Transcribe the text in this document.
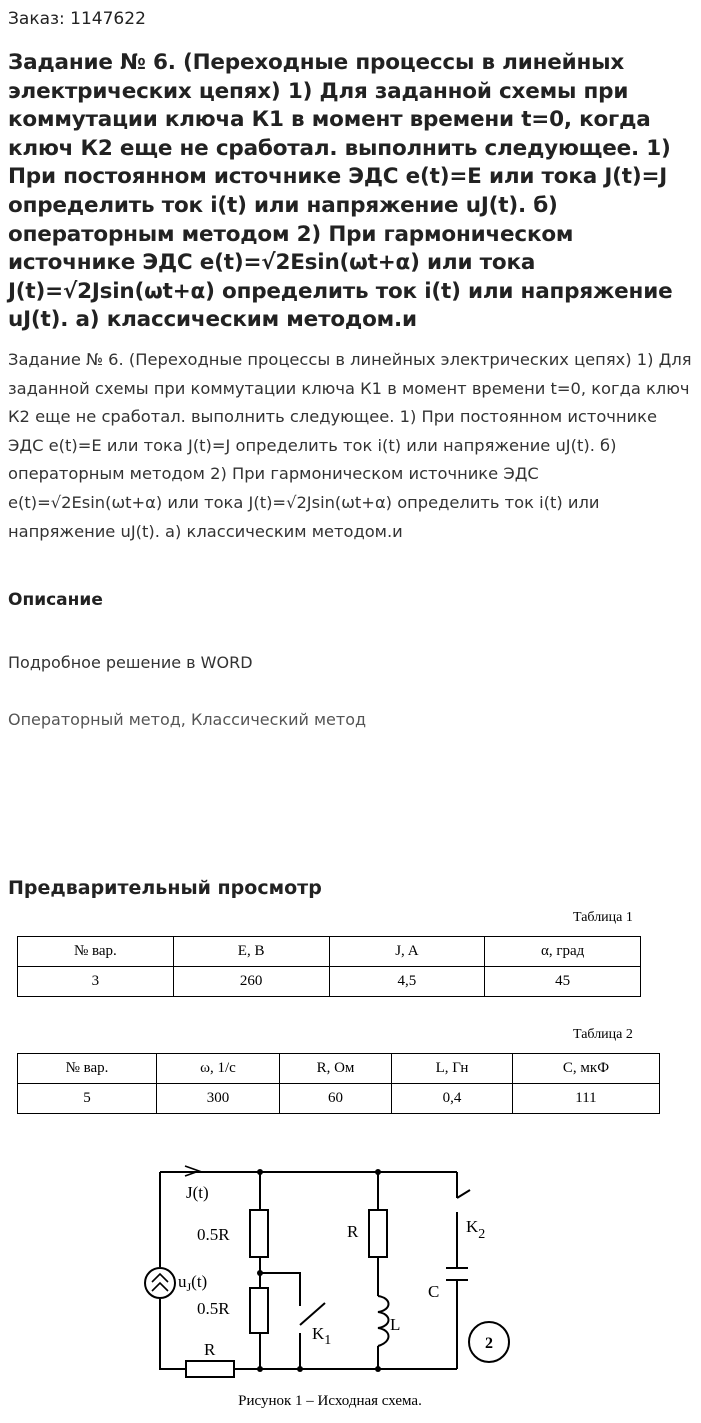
Заказ: 1147622
Задание № 6. (Переходные процессы в линейных электрических цепях) 1) Для заданной схемы при коммутации ключа К1 в момент времени t=0, когда ключ К2 еще не сработал. выполнить следующее. 1) При постоянном источнике ЭДС e(t)=E или тока J(t)=J определить ток i(t) или напряжение uJ(t). б) операторным методом 2) При гармоническом источнике ЭДС e(t)=√2Esin(ωt+α) или тока J(t)=√2Jsin(ωt+α) определить ток i(t) или напряжение uJ(t). а) классическим методом.и
Задание № 6. (Переходные процессы в линейных электрических цепях) 1) Для заданной схемы при коммутации ключа К1 в момент времени t=0, когда ключ К2 еще не сработал. выполнить следующее. 1) При постоянном источнике ЭДС e(t)=E или тока J(t)=J определить ток i(t) или напряжение uJ(t). б) операторным методом 2) При гармоническом источнике ЭДС e(t)=√2Esin(ωt+α) или тока J(t)=√2Jsin(ωt+α) определить ток i(t) или напряжение uJ(t). а) классическим методом.и
Описание
Подробное решение в WORD
Операторный метод, Классический метод
Предварительный просмотр
Таблица 1
№ вар.	E, B	J, A	α, град
3	260	4,5	45
Таблица 2
№ вар.	ω, 1/с	R, Ом	L, Гн	С, мкФ
5	300	60	0,4	111
J(t)
0.5R
0.5R
R
R
L
C
$u_J(t)$
$K_1$
$K_2$
2
Рисунок 1 – Исходная схема.
